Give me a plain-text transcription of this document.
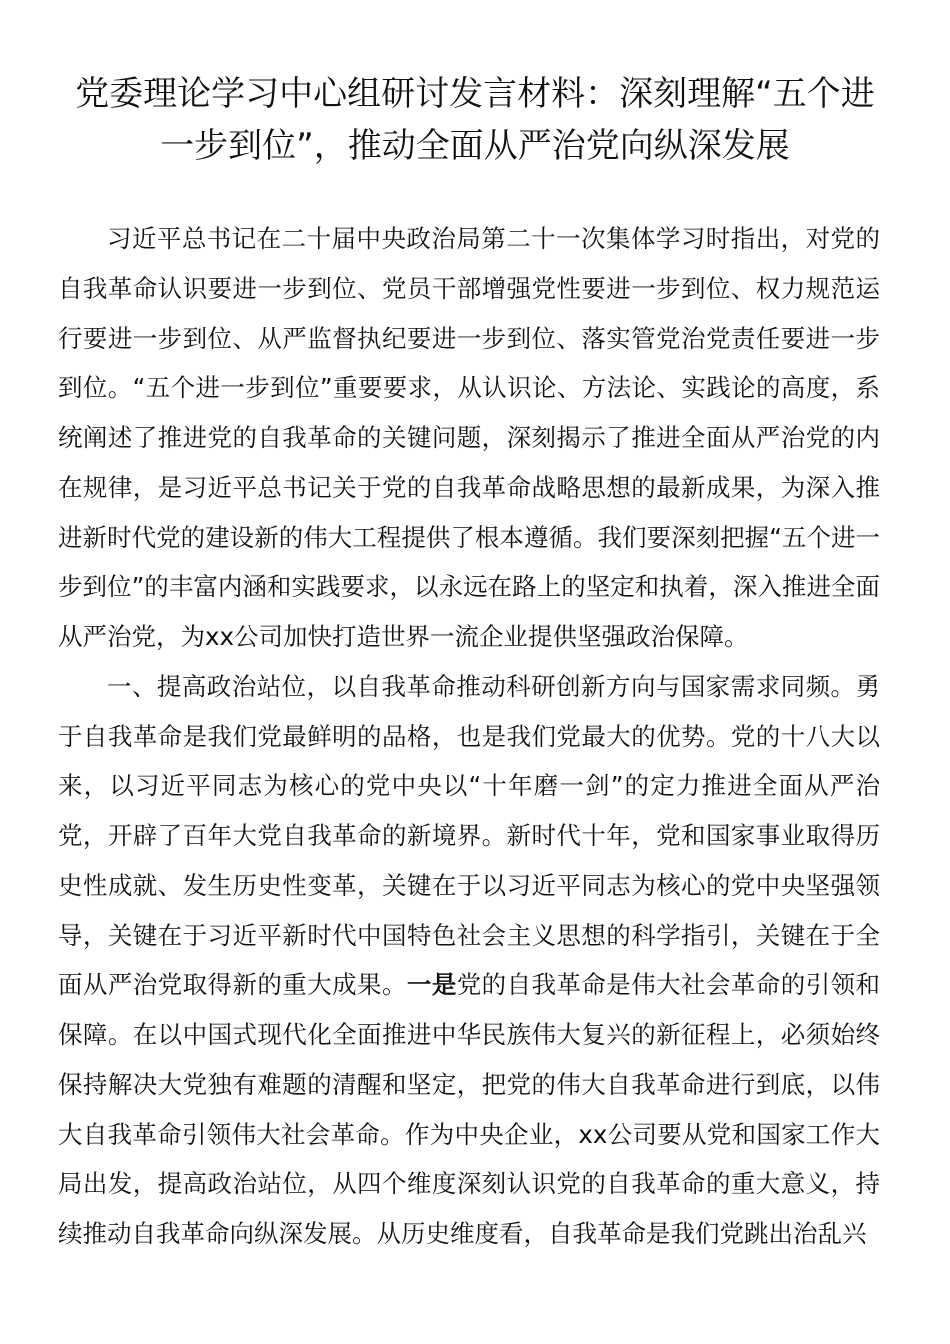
党委理论学习中心组研讨发言材料：深刻理解“五个进一步到位”，推动全面从严治党向纵深发展

习近平总书记在二十届中央政治局第二十一次集体学习时指出，对党的自我革命认识要进一步到位、党员干部增强党性要进一步到位、权力规范运行要进一步到位、从严监督执纪要进一步到位、落实管党治党责任要进一步到位。“五个进一步到位”重要要求，从认识论、方法论、实践论的高度，系统阐述了推进党的自我革命的关键问题，深刻揭示了推进全面从严治党的内在规律，是习近平总书记关于党的自我革命战略思想的最新成果，为深入推进新时代党的建设新的伟大工程提供了根本遵循。我们要深刻把握“五个进一步到位”的丰富内涵和实践要求，以永远在路上的坚定和执着，深入推进全面从严治党，为xx公司加快打造世界一流企业提供坚强政治保障。

一、提高政治站位，以自我革命推动科研创新方向与国家需求同频。勇于自我革命是我们党最鲜明的品格，也是我们党最大的优势。党的十八大以来，以习近平同志为核心的党中央以“十年磨一剑”的定力推进全面从严治党，开辟了百年大党自我革命的新境界。新时代十年，党和国家事业取得历史性成就、发生历史性变革，关键在于以习近平同志为核心的党中央坚强领导，关键在于习近平新时代中国特色社会主义思想的科学指引，关键在于全面从严治党取得新的重大成果。一是党的自我革命是伟大社会革命的引领和保障。在以中国式现代化全面推进中华民族伟大复兴的新征程上，必须始终保持解决大党独有难题的清醒和坚定，把党的伟大自我革命进行到底，以伟大自我革命引领伟大社会革命。作为中央企业，xx公司要从党和国家工作大局出发，提高政治站位，从四个维度深刻认识党的自我革命的重大意义，持续推动自我革命向纵深发展。从历史维度看，自我革命是我们党跳出治乱兴
